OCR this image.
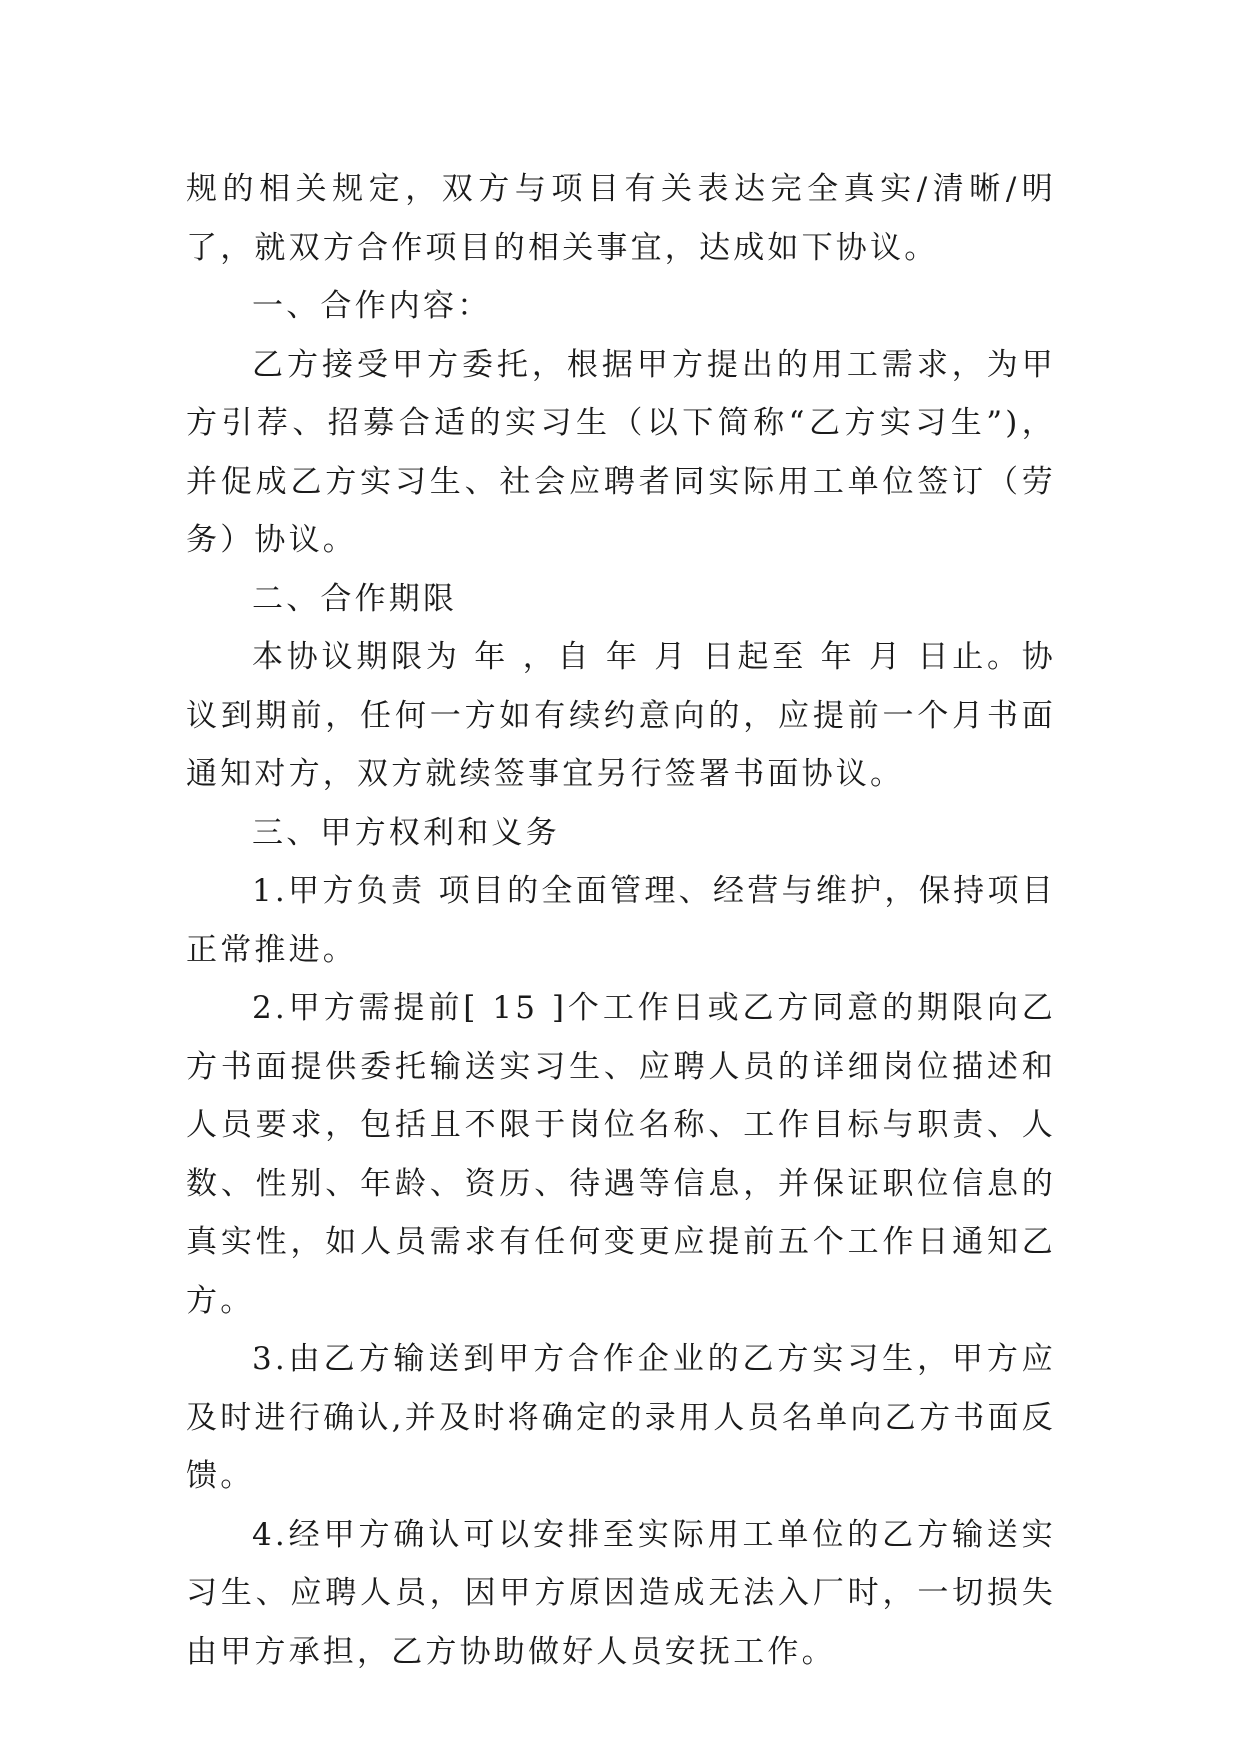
规的相关规定，双方与项目有关表达完全真实/清晰/明了，就双方合作项目的相关事宜，达成如下协议。

一、合作内容：

乙方接受甲方委托，根据甲方提出的用工需求，为甲方引荐、招募合适的实习生（以下简称“乙方实习生”)，并促成乙方实习生、社会应聘者同实际用工单位签订（劳务）协议。

二、合作期限

本协议期限为 年 ，自 年 月 日起至 年 月 日止。协议到期前，任何一方如有续约意向的，应提前一个月书面通知对方，双方就续签事宜另行签署书面协议。

三、甲方权利和义务

1.甲方负责 项目的全面管理、经营与维护，保持项目正常推进。

2.甲方需提前[ 15 ]个工作日或乙方同意的期限向乙方书面提供委托输送实习生、应聘人员的详细岗位描述和人员要求，包括且不限于岗位名称、工作目标与职责、人数、性别、年龄、资历、待遇等信息，并保证职位信息的真实性，如人员需求有任何变更应提前五个工作日通知乙方。

3.由乙方输送到甲方合作企业的乙方实习生，甲方应及时进行确认,并及时将确定的录用人员名单向乙方书面反馈。

4.经甲方确认可以安排至实际用工单位的乙方输送实习生、应聘人员，因甲方原因造成无法入厂时，一切损失由甲方承担，乙方协助做好人员安抚工作。
